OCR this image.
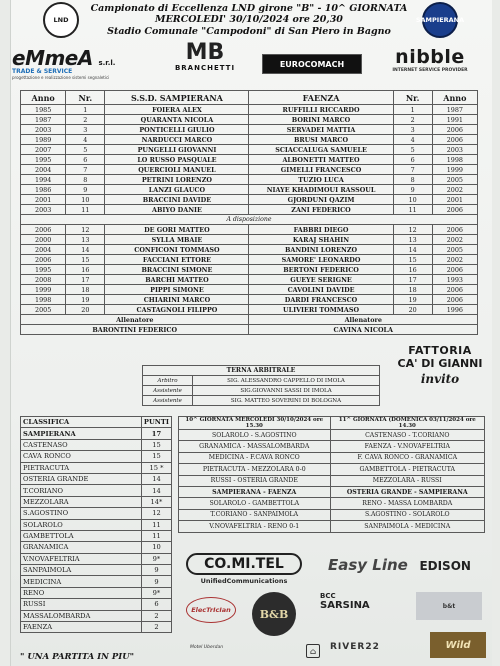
LND	SAMPIERANA
Campionato di Eccellenza LND girone "B" - 10^ GIORNATA
MERCOLEDI' 30/10/2024 ore 20,30
Stadio Comunale "Campodoni" di San Piero in Bagno
eMmeA s.r.l.
TRADE & SERVICE
progettazione e realizzazione sistemi segnaletici
MB
BRANCHETTI	EUROCOMACH	nibble
INTERNET SERVICE PROVIDER
Anno	Nr.	S.S.D. SAMPIERANA	FAENZA	Nr.	Anno
1985	1	FOIERA ALEX	RUFFILLI RICCARDO	1	1987
1987	2	QUARANTA NICOLA	BORINI MARCO	2	1991
2003	3	PONTICELLI GIULIO	SERVADEI MATTIA	3	2006
1989	4	NARDUCCI MARCO	BRUSI MARCO	4	2006
2007	5	PUNGELLI GIOVANNI	SCIACCALUGA SAMUELE	5	2003
1995	6	LO RUSSO PASQUALE	ALBONETTI MATTEO	6	1998
2004	7	QUERCIOLI MANUEL	GIMELLI FRANCESCO	7	1999
1994	8	PETRINI LORENZO	TUZIO LUCA	8	2005
1986	9	LANZI GLAUCO	NIAYE KHADIMOUI RASSOUL	9	2002
2001	10	BRACCINI DAVIDE	GJORDUNI QAZIM	10	2001
2003	11	ABIYO DANIE	ZANI FEDERICO	11	2006
A disposizione					
2006	12	DE GORI MATTEO	FABBRI DIEGO	12	2006
2000	13	SYLLA MBAIE	KARAJ SHAHIN	13	2002
2004	14	CONFICONI TOMMASO	BANDINI LORENZO	14	2005
2006	15	FACCIANI ETTORE	SAMORE' LEONARDO	15	2002
1995	16	BRACCINI SIMONE	BERTONI FEDERICO	16	2006
2008	17	BARCHI MATTEO	GUEYE SERIGNE	17	1993
1999	18	PIPPI SIMONE	CAVOLINI DAVIDE	18	2006
1998	19	CHIARINI MARCO	DARDI FRANCESCO	19	2006
2005	20	CASTAGNOLI FILIPPO	ULIVIERI TOMMASO	20	1996
Allenatore			Allenatore		
BARONTINI FEDERICO			CAVINA NICOLA		
TERNA ARBITRALE	
Arbitro	SIG. ALESSANDRO CAPPELLO DI IMOLA
Assistente	SIG.GIOVANNI SASSI DI IMOLA
Assistente	SIG. MATTEO SOVERINI DI BOLOGNA
FATTORIA
CA' DI GIANNI
invito
CLASSIFICA	PUNTI
SAMPIERANA	17
CASTENASO	15
CAVA RONCO	15
PIETRACUTA	15 *
OSTERIA GRANDE	14
T.CORIANO	14
MEZZOLARA	14*
S.AGOSTINO	12
SOLAROLO	11
GAMBETTOLA	11
GRANAMICA	10
V.NOVAFELTRIA	9*
SANPAIMOLA	9
MEDICINA	9
RENO	9*
RUSSI	6
MASSALOMBARDA	2
FAENZA	2
10^ GIORNATA MERCOLEDI 30/10/2024 ore 15.30	11^ GIORNATA (DOMENICA 03/11/2024 ore 14.30
SOLAROLO - S.AGOSTINO	CASTENASO - T.CORIANO
GRANAMICA - MASSALOMBARDA	FAENZA - V.NOVAFELTRIA
MEDICINA - F.CAVA RONCO	F. CAVA RONCO - GRANAMICA
PIETRACUTA - MEZZOLARA 0-0	GAMBETTOLA - PIETRACUTA
RUSSI - OSTERIA GRANDE	MEZZOLARA - RUSSI
SAMPIERANA - FAENZA	OSTERIA GRANDE - SAMPIERANA
SOLAROLO - GAMBETTOLA	RENO - MASSA LOMBARDA
T.CORIANO - SANPAIMOLA	S.AGOSTINO - SOLAROLO
V.NOVAFELTRIA - RENO 0-1	SANPAIMOLA - MEDICINA
CO.MI.TEL
UnifiedCommunications
Easy Line EDISON
ElecTrIcIan	B&B
BCC
SARSINA	b&t
Motel Uberdan	⌂	RIVER22	Wild
" UNA PARTITA IN PIU"
